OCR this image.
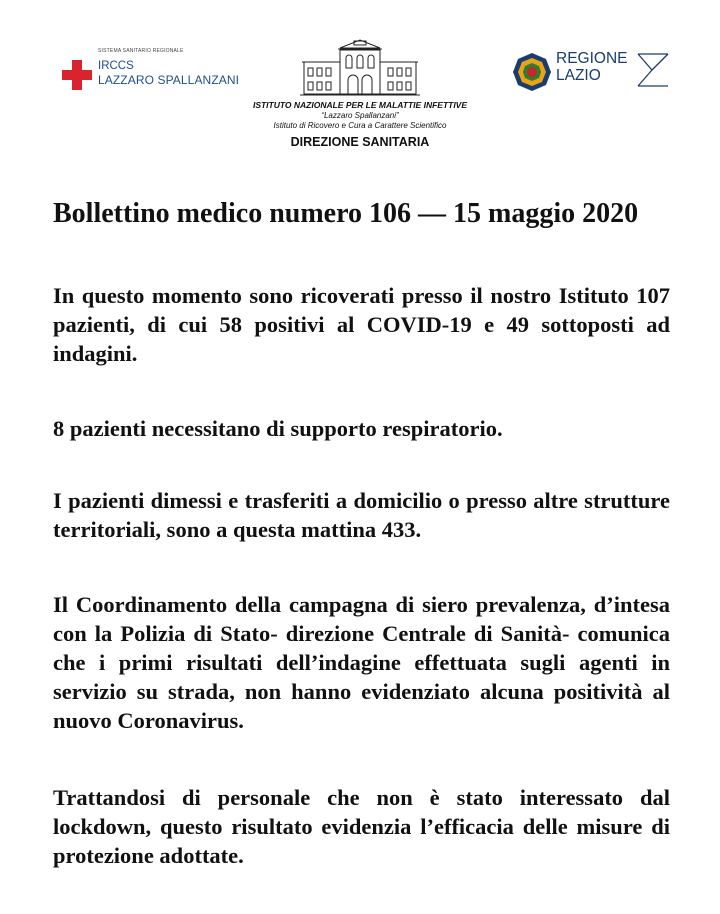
SISTEMA SANITARIO REGIONALE
IRCCS
LAZZARO SPALLANZANI
ISTITUTO NAZIONALE PER LE MALATTIE INFETTIVE
“Lazzaro Spallanzani”
Istituto di Ricovero e Cura a Carattere Scientifico
DIREZIONE SANITARIA
REGIONE
LAZIO
Bollettino medico numero 106 — 15 maggio 2020

In questo momento sono ricoverati presso il nostro Istituto 107 pazienti, di cui 58 positivi al COVID-19 e 49 sottoposti ad indagini.

8 pazienti necessitano di supporto respiratorio.

I pazienti dimessi e trasferiti a domicilio o presso altre strutture territoriali, sono a questa mattina 433.

Il Coordinamento della campagna di siero prevalenza, d’intesa con la Polizia di Stato- direzione Centrale di Sanità- comunica che i primi risultati dell’indagine effettuata sugli agenti in servizio su strada, non hanno evidenziato alcuna positività al nuovo Coronavirus.

Trattandosi di personale che non è stato interessato dal lockdown, questo risultato evidenzia l’efficacia delle misure di protezione adottate.
